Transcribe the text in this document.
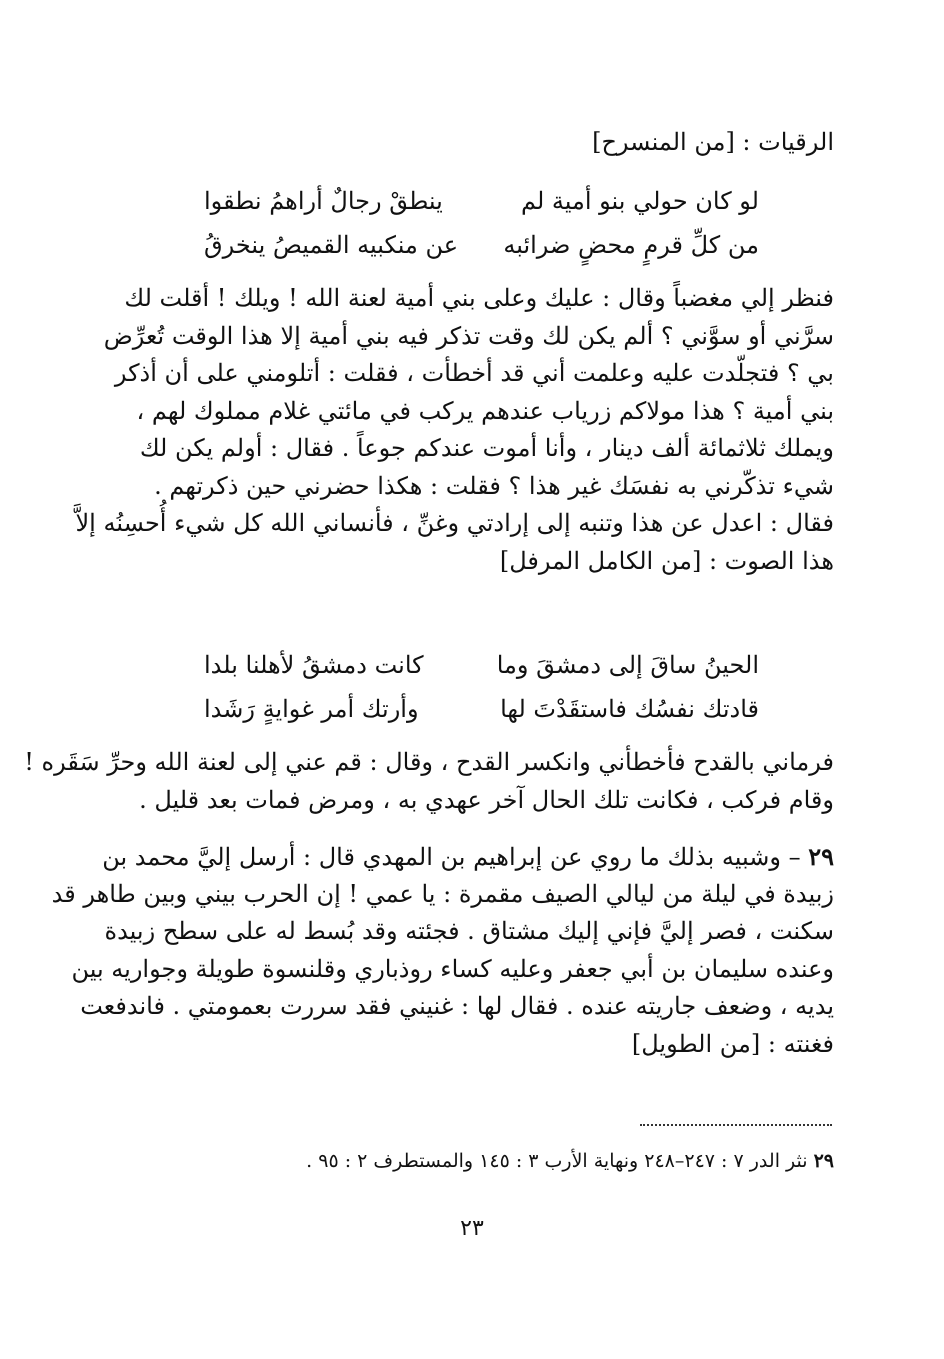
الرقيات : [من المنسرح]
لو كان حولي بنو أمية لم
ينطقْ رجالٌ أراهمُ نطقوا
من كلِّ قرمٍ محضٍ ضرائبه
عن منكبيه القميصُ ينخرقُ
فنظر إلي مغضباً وقال : عليك وعلى بني أمية لعنة الله ! ويلك ! أقلت لك
سرَّني أو سوَّني ؟ ألم يكن لك وقت تذكر فيه بني أمية إلا هذا الوقت تُعرِّض
بي ؟ فتجلّدت عليه وعلمت أني قد أخطأت ، فقلت : أتلومني على أن أذكر
بني أمية ؟ هذا مولاكم زرياب عندهم يركب في مائتي غلام مملوك لهم ،
ويملك ثلاثمائة ألف دينار ، وأنا أموت عندكم جوعاً . فقال : أولم يكن لك
شيء تذكّرني به نفسَك غير هذا ؟ فقلت : هكذا حضرني حين ذكرتهم .
فقال : اعدل عن هذا وتنبه إلى إرادتي وغنِّ ، فأنساني الله كل شيء أُحسِنُه إلاَّ
هذا الصوت : [من الكامل المرفل]
الحينُ ساقَ إلى دمشقَ وما
كانت دمشقُ لأهلنا بلدا
قادتك نفسُك فاستقَدْتَ لها
وأرتك أمر غوايةٍ رَشَدا
فرماني بالقدح فأخطأني وانكسر القدح ، وقال : قم عني إلى لعنة الله وحرِّ سَقَره !
وقام فركب ، فكانت تلك الحال آخر عهدي به ، ومرض فمات بعد قليل .
٢٩ – وشبيه بذلك ما روي عن إبراهيم بن المهدي قال : أرسل إليَّ محمد بن
زبيدة في ليلة من ليالي الصيف مقمرة : يا عمي ! إن الحرب بيني وبين طاهر قد
سكنت ، فصر إليَّ فإني إليك مشتاق . فجئته وقد بُسط له على سطح زبيدة
وعنده سليمان بن أبي جعفر وعليه كساء روذباري وقلنسوة طويلة وجواريه بين
يديه ، وضعف جاريته عنده . فقال لها : غنيني فقد سررت بعمومتي . فاندفعت
فغنته : [من الطويل]
٢٩ نثر الدر ٧ : ٢٤٧–٢٤٨ ونهاية الأرب ٣ : ١٤٥ والمستطرف ٢ : ٩٥ .
٢٣
